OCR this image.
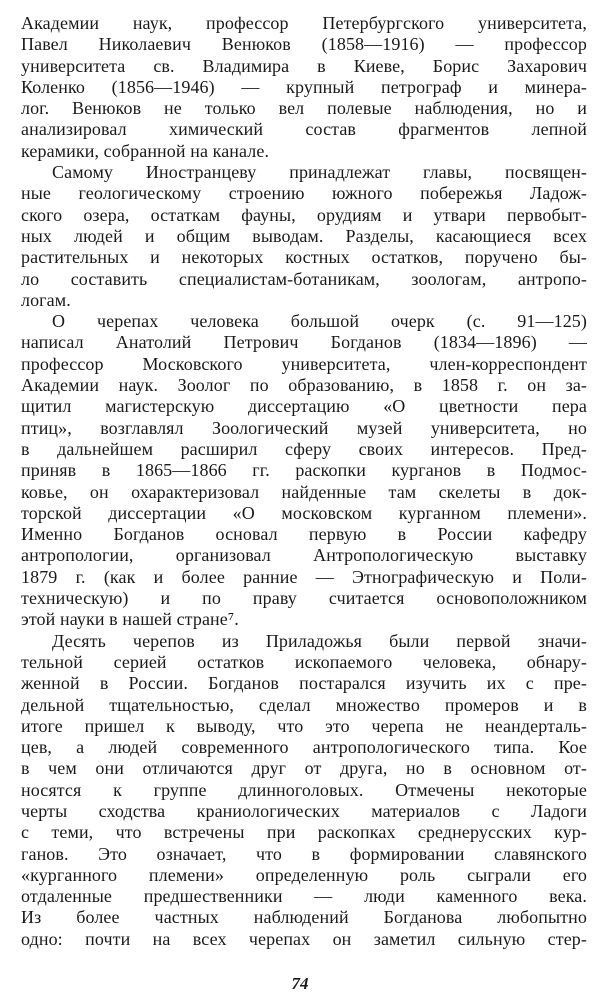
Академии наук, профессор Петербургского университета,
Павел Николаевич Венюков (1858—1916) — профессор
университета св. Владимира в Киеве, Борис Захарович
Коленко (1856—1946) — крупный петрограф и минера-
лог. Венюков не только вел полевые наблюдения, но и
анализировал химический состав фрагментов лепной
керамики, собранной на канале.
Самому Иностранцеву принадлежат главы, посвящен-
ные геологическому строению южного побережья Ладож-
ского озера, остаткам фауны, орудиям и утвари первобыт-
ных людей и общим выводам. Разделы, касающиеся всех
растительных и некоторых костных остатков, поручено бы-
ло составить специалистам-ботаникам, зоологам, антропо-
логам.
О черепах человека большой очерк (с. 91—125)
написал Анатолий Петрович Богданов (1834—1896) —
профессор Московского университета, член-корреспондент
Академии наук. Зоолог по образованию, в 1858 г. он за-
щитил магистерскую диссертацию «О цветности пера
птиц», возглавлял Зоологический музей университета, но
в дальнейшем расширил сферу своих интересов. Пред-
приняв в 1865—1866 гг. раскопки курганов в Подмос-
ковье, он охарактеризовал найденные там скелеты в док-
торской диссертации «О московском курганном племени».
Именно Богданов основал первую в России кафедру
антропологии, организовал Антропологическую выставку
1879 г. (как и более ранние — Этнографическую и Поли-
техническую) и по праву считается основоположником
этой науки в нашей стране⁷.
Десять черепов из Приладожья были первой значи-
тельной серией остатков ископаемого человека, обнару-
женной в России. Богданов постарался изучить их с пре-
дельной тщательностью, сделал множество промеров и в
итоге пришел к выводу, что это черепа не неандерталь-
цев, а людей современного антропологического типа. Кое
в чем они отличаются друг от друга, но в основном от-
носятся к группе длинноголовых. Отмечены некоторые
черты сходства краниологических материалов с Ладоги
с теми, что встречены при раскопках среднерусских кур-
ганов. Это означает, что в формировании славянского
«курганного племени» определенную роль сыграли его
отдаленные предшественники — люди каменного века.
Из более частных наблюдений Богданова любопытно
одно: почти на всех черепах он заметил сильную стер-
74
